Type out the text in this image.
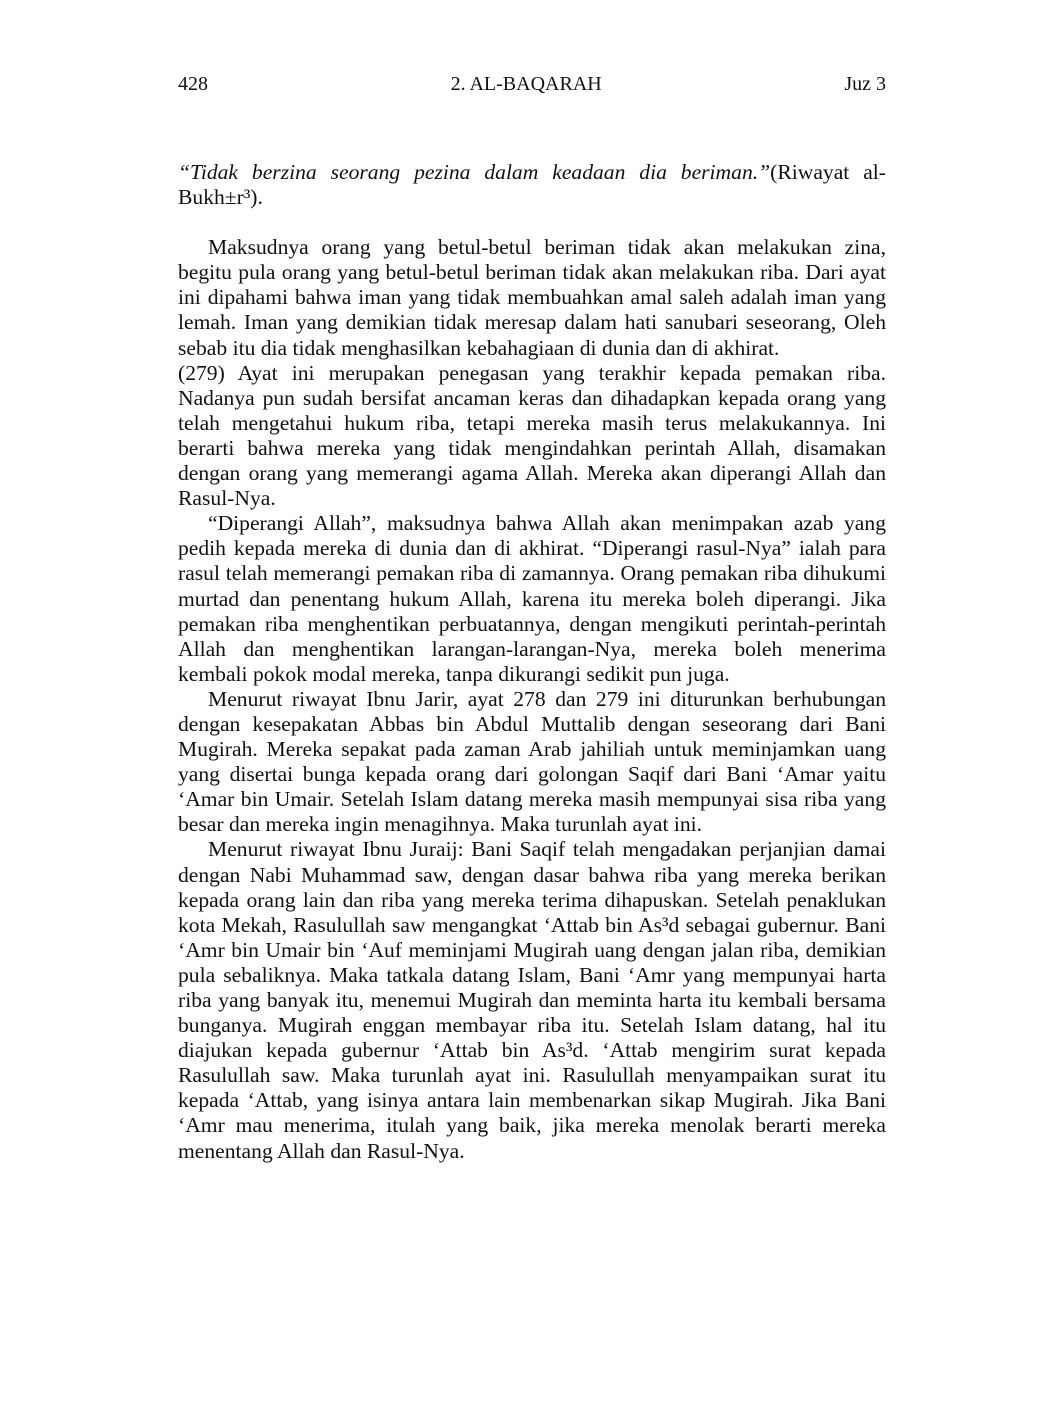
428	2. AL-BAQARAH	Juz 3

“Tidak berzina seorang pezina dalam keadaan dia beriman.”(Riwayat al-Bukh±r³).

Maksudnya orang yang betul-betul beriman tidak akan melakukan zina, begitu pula orang yang betul-betul beriman tidak akan melakukan riba. Dari ayat ini dipahami bahwa iman yang tidak membuahkan amal saleh adalah iman yang lemah. Iman yang demikian tidak meresap dalam hati sanubari seseorang, Oleh sebab itu dia tidak menghasilkan kebahagiaan di dunia dan di akhirat.

(279) Ayat ini merupakan penegasan yang terakhir kepada pemakan riba. Nadanya pun sudah bersifat ancaman keras dan dihadapkan kepada orang yang telah mengetahui hukum riba, tetapi mereka masih terus melakukannya. Ini berarti bahwa mereka yang tidak mengindahkan perintah Allah, disamakan dengan orang yang memerangi agama Allah. Mereka akan diperangi Allah dan Rasul-Nya.

“Diperangi Allah”, maksudnya bahwa Allah akan menimpakan azab yang pedih kepada mereka di dunia dan di akhirat. “Diperangi rasul-Nya” ialah para rasul telah memerangi pemakan riba di zamannya. Orang pemakan riba dihukumi murtad dan penentang hukum Allah, karena itu mereka boleh diperangi. Jika pemakan riba menghentikan perbuatannya, dengan mengikuti perintah-perintah Allah dan menghentikan larangan-larangan-Nya, mereka boleh menerima kembali pokok modal mereka, tanpa dikurangi sedikit pun juga.

Menurut riwayat Ibnu Jarir, ayat 278 dan 279 ini diturunkan berhubungan dengan kesepakatan Abbas bin Abdul Muttalib dengan seseorang dari Bani Mugirah. Mereka sepakat pada zaman Arab jahiliah untuk meminjamkan uang yang disertai bunga kepada orang dari golongan Saqif dari Bani ‘Amar yaitu ‘Amar bin Umair. Setelah Islam datang mereka masih mempunyai sisa riba yang besar dan mereka ingin menagihnya. Maka turunlah ayat ini.

Menurut riwayat Ibnu Juraij: Bani Saqif telah mengadakan perjanjian damai dengan Nabi Muhammad saw, dengan dasar bahwa riba yang mereka berikan kepada orang lain dan riba yang mereka terima dihapuskan. Setelah penaklukan kota Mekah, Rasulullah saw mengangkat ‘Attab bin As³d sebagai gubernur. Bani ‘Amr bin Umair bin ‘Auf meminjami Mugirah uang dengan jalan riba, demikian pula sebaliknya. Maka tatkala datang Islam, Bani ‘Amr yang mempunyai harta riba yang banyak itu, menemui Mugirah dan meminta harta itu kembali bersama bunganya. Mugirah enggan membayar riba itu. Setelah Islam datang, hal itu diajukan kepada gubernur ‘Attab bin As³d. ‘Attab mengirim surat kepada Rasulullah saw. Maka turunlah ayat ini. Rasulullah menyampaikan surat itu kepada ‘Attab, yang isinya antara lain membenarkan sikap Mugirah. Jika Bani ‘Amr mau menerima, itulah yang baik, jika mereka menolak berarti mereka menentang Allah dan Rasul-Nya.
